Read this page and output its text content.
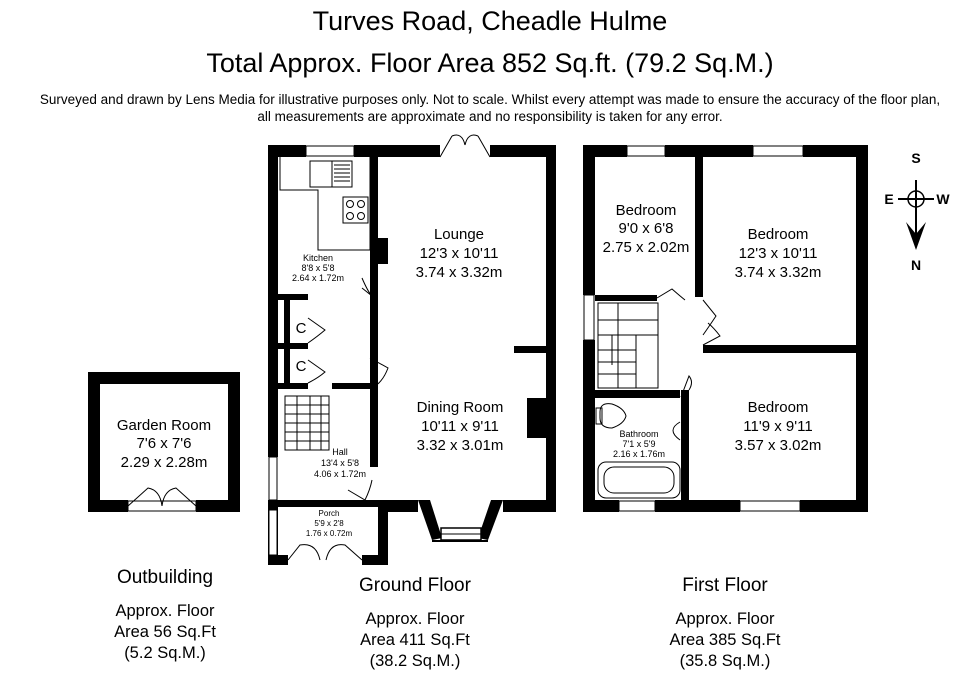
Turves Road, Cheadle Hulme
Total Approx. Floor Area 852 Sq.ft. (79.2 Sq.M.)
Surveyed and drawn by Lens Media for illustrative purposes only. Not to scale. Whilst every attempt was made to ensure the accuracy of the floor plan,
all measurements are approximate and no responsibility is taken for any error.
S
E	W
N
Garden Room
7'6 x 7'6
2.29 x 2.28m
Kitchen
8'8 x 5'8
2.64 x 1.72m
Lounge
12'3 x 10'11
3.74 x 3.32m
Dining Room
10'11 x 9'11
3.32 x 3.01m
Hall
13'4 x 5'8
4.06 x 1.72m
Porch
5'9 x 2'8
1.76 x 0.72m
C
C
Bedroom
9'0 x 6'8
2.75 x 2.02m
Bedroom
12'3 x 10'11
3.74 x 3.32m
Bedroom
11'9 x 9'11
3.57 x 3.02m
Bathroom
7'1 x 5'9
2.16 x 1.76m
Outbuilding
Approx. Floor
Area 56 Sq.Ft
(5.2 Sq.M.)
Ground Floor
Approx. Floor
Area 411 Sq.Ft
(38.2 Sq.M.)
First Floor
Approx. Floor
Area 385 Sq.Ft
(35.8 Sq.M.)
